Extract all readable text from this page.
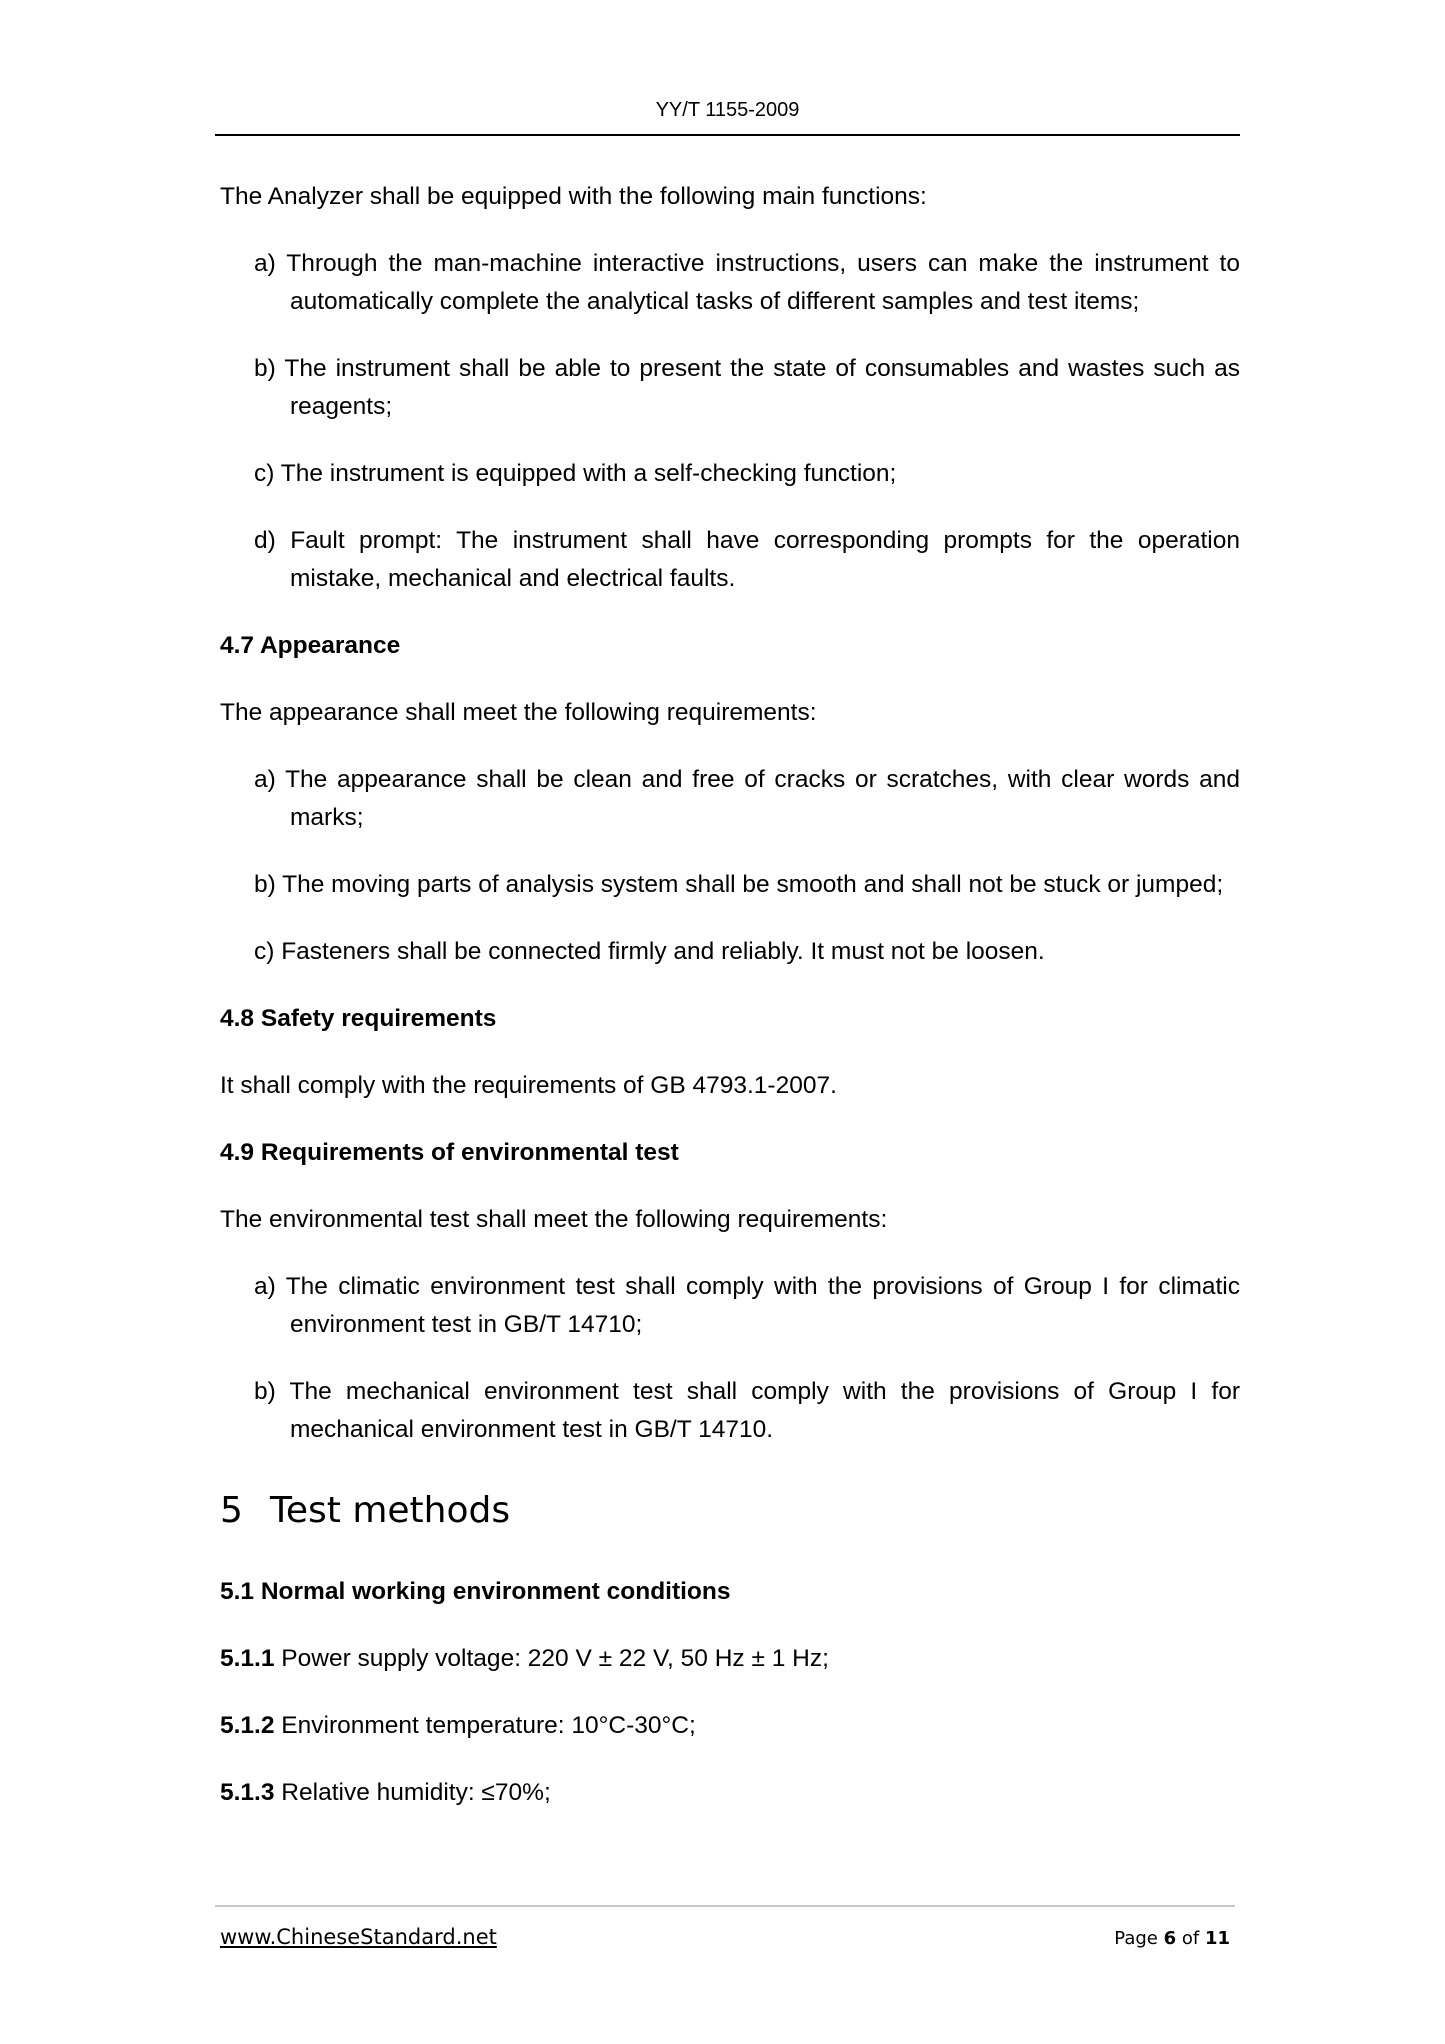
YY/T 1155-2009

The Analyzer shall be equipped with the following main functions:

a) Through the man-machine interactive instructions, users can make the instrument to automatically complete the analytical tasks of different samples and test items;

b) The instrument shall be able to present the state of consumables and wastes such as reagents;

c) The instrument is equipped with a self-checking function;

d) Fault prompt: The instrument shall have corresponding prompts for the operation mistake, mechanical and electrical faults.

4.7 Appearance

The appearance shall meet the following requirements:

a) The appearance shall be clean and free of cracks or scratches, with clear words and marks;

b) The moving parts of analysis system shall be smooth and shall not be stuck or jumped;

c) Fasteners shall be connected firmly and reliably. It must not be loosen.

4.8 Safety requirements

It shall comply with the requirements of GB 4793.1-2007.

4.9 Requirements of environmental test

The environmental test shall meet the following requirements:

a) The climatic environment test shall comply with the provisions of Group I for climatic environment test in GB/T 14710;

b) The mechanical environment test shall comply with the provisions of Group I for mechanical environment test in GB/T 14710.

5 Test methods

5.1 Normal working environment conditions

5.1.1 Power supply voltage: 220 V ± 22 V, 50 Hz ± 1 Hz;

5.1.2 Environment temperature: 10°C-30°C;

5.1.3 Relative humidity: ≤70%;

www.ChineseStandard.net	Page 6 of 11
